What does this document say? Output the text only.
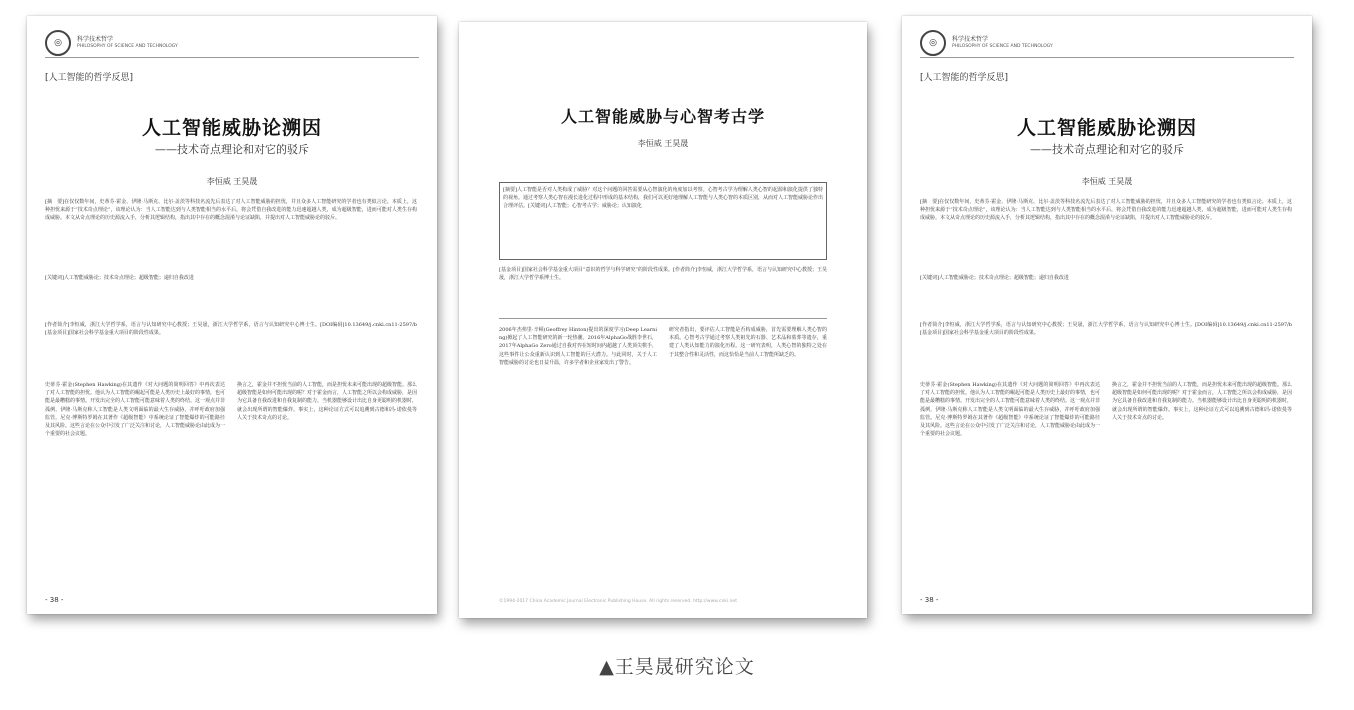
◎	科学技术哲学
PHILOSOPHY OF SCIENCE AND TECHNOLOGY
[人工智能的哲学反思]
人工智能威胁论溯因
——技术奇点理论和对它的驳斥
李恒威 王昊晟
[摘　要]在仅仅数年间，史蒂芬·霍金、伊隆·马斯克、比尔·盖茨等科技名流先后表达了对人工智能威胁的担忧，并且众多人工智能研究的学者也有类似言论。本质上，这种担忧来源于“技术奇点理论”，该理论认为：当人工智能达到与人类智能相当的水平后，将会凭借自我改进的能力迅速超越人类，成为超级智能，进而可能对人类生存构成威胁。本文从奇点理论的历史源流入手，分析其逻辑结构，指出其中存在的概念混淆与论证缺陷，并提出对人工智能威胁论的驳斥。
[关键词]人工智能威胁论；技术奇点理论；超级智能；递归自我改进
[作者简介]李恒威，浙江大学哲学系，语言与认知研究中心教授；王昊晟，浙江大学哲学系，语言与认知研究中心博士生。[DOI编码]10.13649/j.cnki.cn11-2597/b [基金项目]国家社会科学基金重大项目的阶段性成果。
史蒂芬·霍金(Stephen Hawking)在其遗作《对大问题的简明回答》中再次表达了对人工智能的担忧。他认为人工智能的崛起可能是人类历史上最好的事情，也可能是最糟糕的事情。开发出完全的人工智能可能意味着人类的终结。这一观点并非孤例，伊隆·马斯克称人工智能是人类文明面临的最大生存威胁，并呼吁政府加强监管。尼克·博斯特罗姆在其著作《超级智能》中系统论证了智能爆炸的可能路径及其风险。这些言论在公众中引发了广泛关注和讨论，人工智能威胁论由此成为一个重要的社会议题。
换言之，霍金并不担忧当前的人工智能，而是担忧未来可能出现的超级智能。那么超级智能是如何可能出现的呢？对于霍金而言，人工智能之所以会构成威胁，是因为它具备自我改进和自我复制的能力。当机器能够设计出比自身更聪明的机器时，就会出现所谓的智能爆炸。事实上，这种论证方式可以追溯到古德和冯·诺依曼等人关于技术奇点的讨论。
- 38 -
人工智能威胁与心智考古学
李恒威 王昊晟
[摘要]人工智能是否对人类构成了威胁？对这个问题的回答需要从心智演化的角度加以考察。心智考古学为理解人类心智的起源和演化提供了独特的视角。通过考察人类心智在漫长进化过程中形成的基本结构，我们可以更好地理解人工智能与人类心智的本质区别，从而对人工智能威胁论作出合理评估。[关键词]人工智能；心智考古学；威胁论；认知演化
[基金项目]国家社会科学基金重大项目“意识的哲学与科学研究”的阶段性成果。[作者简介]李恒威，浙江大学哲学系，语言与认知研究中心教授；王昊晟，浙江大学哲学系博士生。
2006年杰弗里·辛顿(Geoffrey Hinton)提出的深度学习(Deep Learning)掀起了人工智能研究的新一轮热潮。2016年AlphaGo战胜李世石，2017年AlphaGo Zero通过自我对弈在短时间内超越了人类顶尖棋手，这些事件让公众重新认识到人工智能的巨大潜力。与此同时，关于人工智能威胁的讨论也日益升温，许多学者和企业家发出了警告。
研究者指出，要评估人工智能是否构成威胁，首先需要理解人类心智的本质。心智考古学通过考察人类祖先的石器、艺术品和墓葬等遗存，重建了人类认知能力的演化历程。这一研究表明，人类心智的独特之处在于其整合性和灵活性，而这恰恰是当前人工智能所缺乏的。
©1994-2017 China Academic Journal Electronic Publishing House. All rights reserved. http://www.cnki.net
◎	科学技术哲学
PHILOSOPHY OF SCIENCE AND TECHNOLOGY
[人工智能的哲学反思]
人工智能威胁论溯因
——技术奇点理论和对它的驳斥
李恒威 王昊晟
[摘　要]在仅仅数年间，史蒂芬·霍金、伊隆·马斯克、比尔·盖茨等科技名流先后表达了对人工智能威胁的担忧，并且众多人工智能研究的学者也有类似言论。本质上，这种担忧来源于“技术奇点理论”，该理论认为：当人工智能达到与人类智能相当的水平后，将会凭借自我改进的能力迅速超越人类，成为超级智能，进而可能对人类生存构成威胁。本文从奇点理论的历史源流入手，分析其逻辑结构，指出其中存在的概念混淆与论证缺陷，并提出对人工智能威胁论的驳斥。
[关键词]人工智能威胁论；技术奇点理论；超级智能；递归自我改进
[作者简介]李恒威，浙江大学哲学系，语言与认知研究中心教授；王昊晟，浙江大学哲学系，语言与认知研究中心博士生。[DOI编码]10.13649/j.cnki.cn11-2597/b [基金项目]国家社会科学基金重大项目的阶段性成果。
史蒂芬·霍金(Stephen Hawking)在其遗作《对大问题的简明回答》中再次表达了对人工智能的担忧。他认为人工智能的崛起可能是人类历史上最好的事情，也可能是最糟糕的事情。开发出完全的人工智能可能意味着人类的终结。这一观点并非孤例，伊隆·马斯克称人工智能是人类文明面临的最大生存威胁，并呼吁政府加强监管。尼克·博斯特罗姆在其著作《超级智能》中系统论证了智能爆炸的可能路径及其风险。这些言论在公众中引发了广泛关注和讨论，人工智能威胁论由此成为一个重要的社会议题。
换言之，霍金并不担忧当前的人工智能，而是担忧未来可能出现的超级智能。那么超级智能是如何可能出现的呢？对于霍金而言，人工智能之所以会构成威胁，是因为它具备自我改进和自我复制的能力。当机器能够设计出比自身更聪明的机器时，就会出现所谓的智能爆炸。事实上，这种论证方式可以追溯到古德和冯·诺依曼等人关于技术奇点的讨论。
- 38 -
▲王昊晟研究论文
